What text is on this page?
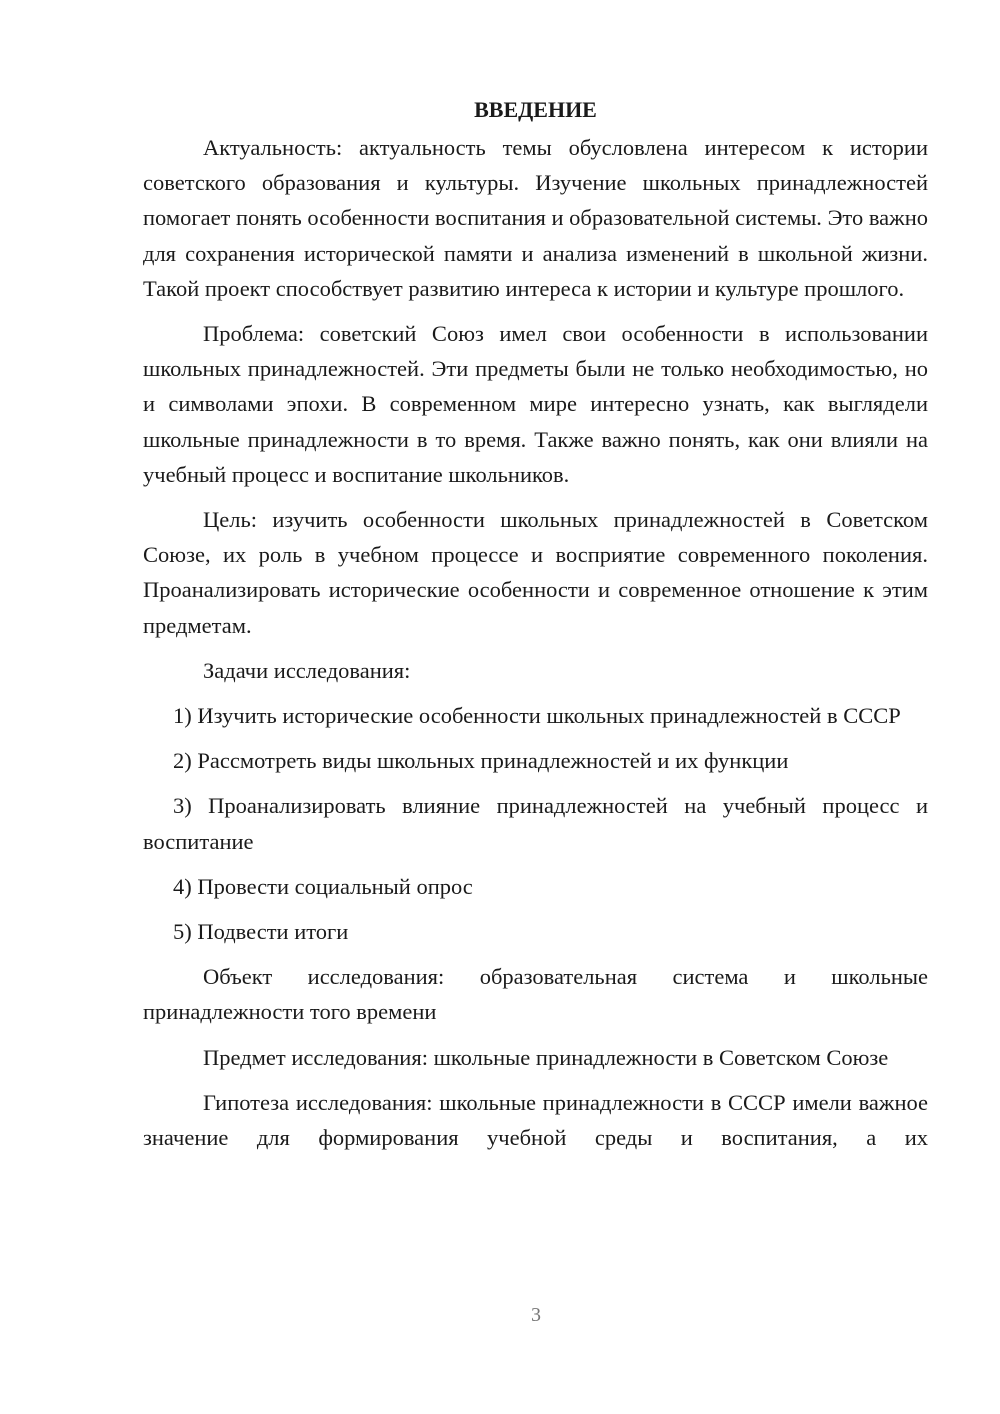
ВВЕДЕНИЕ

Актуальность: актуальность темы обусловлена интересом к истории советского образования и культуры. Изучение школьных принадлежностей помогает понять особенности воспитания и образовательной системы. Это важно для сохранения исторической памяти и анализа изменений в школьной жизни. Такой проект способствует развитию интереса к истории и культуре прошлого.

Проблема: советский Союз имел свои особенности в использовании школьных принадлежностей. Эти предметы были не только необходимостью, но и символами эпохи. В современном мире интересно узнать, как выглядели школьные принадлежности в то время. Также важно понять, как они влияли на учебный процесс и воспитание школьников.

Цель: изучить особенности школьных принадлежностей в Советском Союзе, их роль в учебном процессе и восприятие современного поколения. Проанализировать исторические особенности и современное отношение к этим предметам.

Задачи исследования:

1) Изучить исторические особенности школьных принадлежностей в СССР

2) Рассмотреть виды школьных принадлежностей и их функции

3) Проанализировать влияние принадлежностей на учебный процесс и воспитание

4) Провести социальный опрос

5) Подвести итоги

Объект исследования: образовательная система и школьные принадлежности того времени

Предмет исследования: школьные принадлежности в Советском Союзе

Гипотеза исследования: школьные принадлежности в СССР имели важное значение для формирования учебной среды и воспитания, а их

3
